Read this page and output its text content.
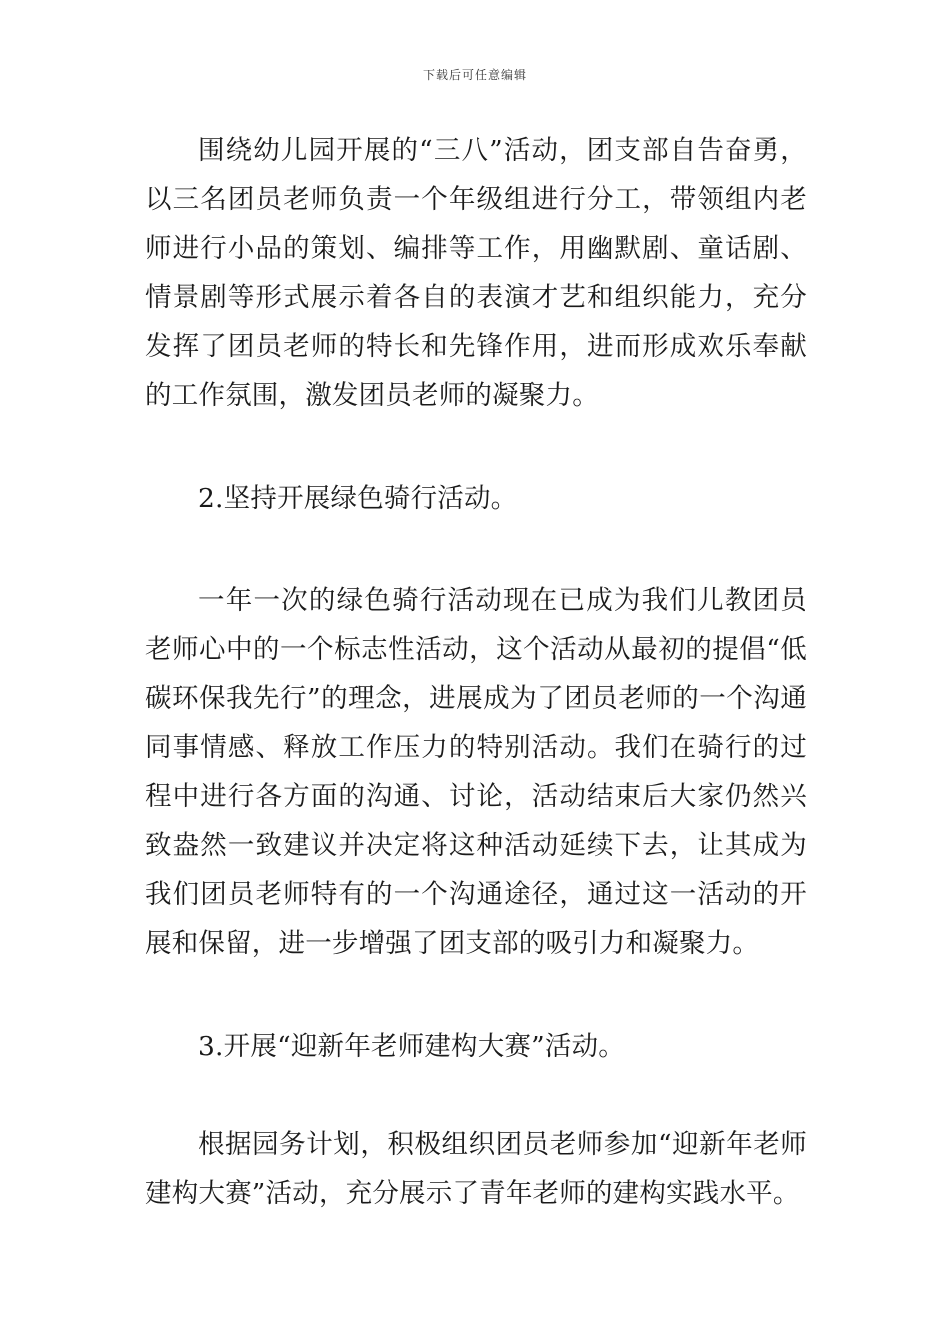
下载后可任意编辑

围绕幼儿园开展的“三八”活动，团支部自告奋勇，以三名团员老师负责一个年级组进行分工，带领组内老师进行小品的策划、编排等工作，用幽默剧、童话剧、情景剧等形式展示着各自的表演才艺和组织能力，充分发挥了团员老师的特长和先锋作用，进而形成欢乐奉献的工作氛围，激发团员老师的凝聚力。

2.坚持开展绿色骑行活动。

一年一次的绿色骑行活动现在已成为我们儿教团员老师心中的一个标志性活动，这个活动从最初的提倡“低碳环保我先行”的理念，进展成为了团员老师的一个沟通同事情感、释放工作压力的特别活动。我们在骑行的过程中进行各方面的沟通、讨论，活动结束后大家仍然兴致盎然一致建议并决定将这种活动延续下去，让其成为我们团员老师特有的一个沟通途径，通过这一活动的开展和保留，进一步增强了团支部的吸引力和凝聚力。

3.开展“迎新年老师建构大赛”活动。

根据园务计划，积极组织团员老师参加“迎新年老师建构大赛”活动，充分展示了青年老师的建构实践水平。
